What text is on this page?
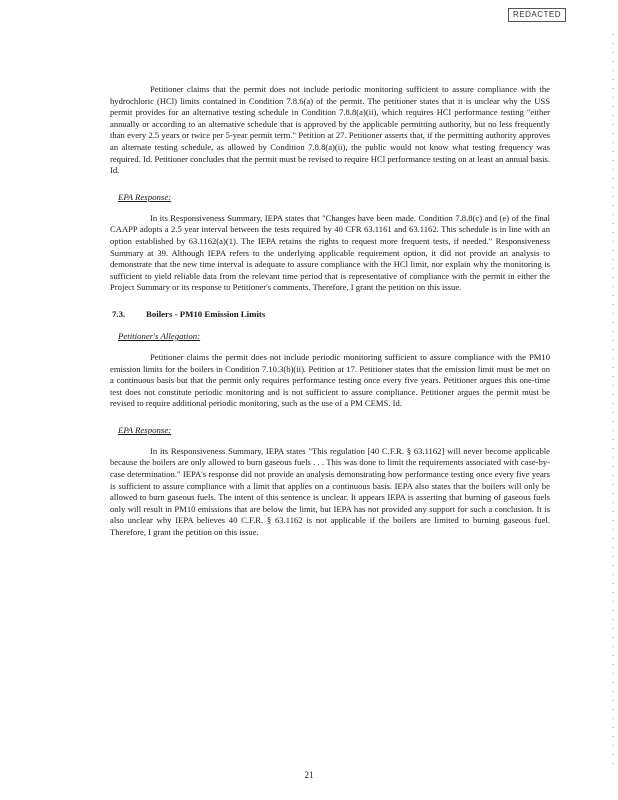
REDACTED

Petitioner claims that the permit does not include periodic monitoring sufficient to assure compliance with the hydrochloric (HCl) limits contained in Condition 7.8.6(a) of the permit. The petitioner states that it is unclear why the USS permit provides for an alternative testing schedule in Condition 7.8.8(a)(ii), which requires HCl performance testing "either annually or according to an alternative schedule that is approved by the applicable permitting authority, but no less frequently than every 2.5 years or twice per 5-year permit term." Petition at 27. Petitioner asserts that, if the permitting authority approves an alternate testing schedule, as allowed by Condition 7.8.8(a)(ii), the public would not know what testing frequency was required. Id. Petitioner concludes that the permit must be revised to require HCl performance testing on at least an annual basis. Id.

EPA Response:

In its Responsiveness Summary, IEPA states that "Changes have been made. Condition 7.8.8(c) and (e) of the final CAAPP adopts a 2.5 year interval between the tests required by 40 CFR 63.1161 and 63.1162. This schedule is in line with an option established by 63.1162(a)(1). The IEPA retains the rights to request more frequent tests, if needed." Responsiveness Summary at 39. Although IEPA refers to the underlying applicable requirement option, it did not provide an analysis to demonstrate that the new time interval is adequate to assure compliance with the HCl limit, nor explain why the monitoring is sufficient to yield reliable data from the relevant time period that is representative of compliance with the permit in either the Project Summary or its response to Petitioner's comments. Therefore, I grant the petition on this issue.

7.3. Boilers - PM10 Emission Limits

Petitioner's Allegation:

Petitioner claims the permit does not include periodic monitoring sufficient to assure compliance with the PM10 emission limits for the boilers in Condition 7.10.3(b)(ii). Petition at 17. Petitioner states that the emission limit must be met on a continuous basis but that the permit only requires performance testing once every five years. Petitioner argues this one-time test does not constitute periodic monitoring and is not sufficient to assure compliance. Petitioner argues the permit must be revised to require additional periodic monitoring, such as the use of a PM CEMS. Id.

EPA Response:

In its Responsiveness Summary, IEPA states "This regulation [40 C.F.R. § 63.1162] will never become applicable because the boilers are only allowed to burn gaseous fuels . . . This was done to limit the requirements associated with case-by-case determination." IEPA's response did not provide an analysis demonstrating how performance testing once every five years is sufficient to assure compliance with a limit that applies on a continuous basis. IEPA also states that the boilers will only be allowed to burn gaseous fuels. The intent of this sentence is unclear. It appears IEPA is asserting that burning of gaseous fuels only will result in PM10 emissions that are below the limit, but IEPA has not provided any support for such a conclusion. It is also unclear why IEPA believes 40 C.F.R. § 63.1162 is not applicable if the boilers are limited to burning gaseous fuel. Therefore, I grant the petition on this issue.

21
